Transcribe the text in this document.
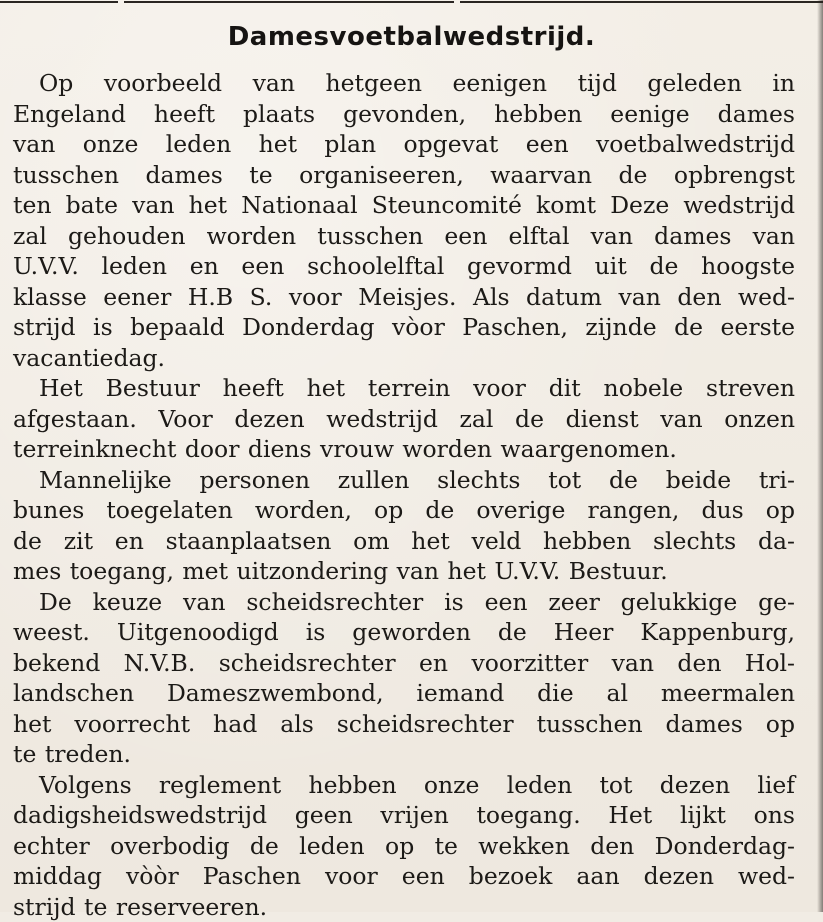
Damesvoetbalwedstrijd.
Op voorbeeld van hetgeen eenigen tijd geleden in
Engeland heeft plaats gevonden, hebben eenige dames
van onze leden het plan opgevat een voetbalwedstrijd
tusschen dames te organiseeren, waarvan de opbrengst
ten bate van het Nationaal Steuncomité komt Deze wedstrijd
zal gehouden worden tusschen een elftal van dames van
U.V.V. leden en een schoolelftal gevormd uit de hoogste
klasse eener H.B S. voor Meisjes. Als datum van den wed-
strijd is bepaald Donderdag vòor Paschen, zijnde de eerste
vacantiedag.
Het Bestuur heeft het terrein voor dit nobele streven
afgestaan. Voor dezen wedstrijd zal de dienst van onzen
terreinknecht door diens vrouw worden waargenomen.
Mannelijke personen zullen slechts tot de beide tri-
bunes toegelaten worden, op de overige rangen, dus op
de zit en staanplaatsen om het veld hebben slechts da-
mes toegang, met uitzondering van het U.V.V. Bestuur.
De keuze van scheidsrechter is een zeer gelukkige ge-
weest. Uitgenoodigd is geworden de Heer Kappenburg,
bekend N.V.B. scheidsrechter en voorzitter van den Hol-
landschen Dameszwembond, iemand die al meermalen
het voorrecht had als scheidsrechter tusschen dames op
te treden.
Volgens reglement hebben onze leden tot dezen lief
dadigsheidswedstrijd geen vrijen toegang. Het lijkt ons
echter overbodig de leden op te wekken den Donderdag-
middag vòòr Paschen voor een bezoek aan dezen wed-
strijd te reserveeren.
